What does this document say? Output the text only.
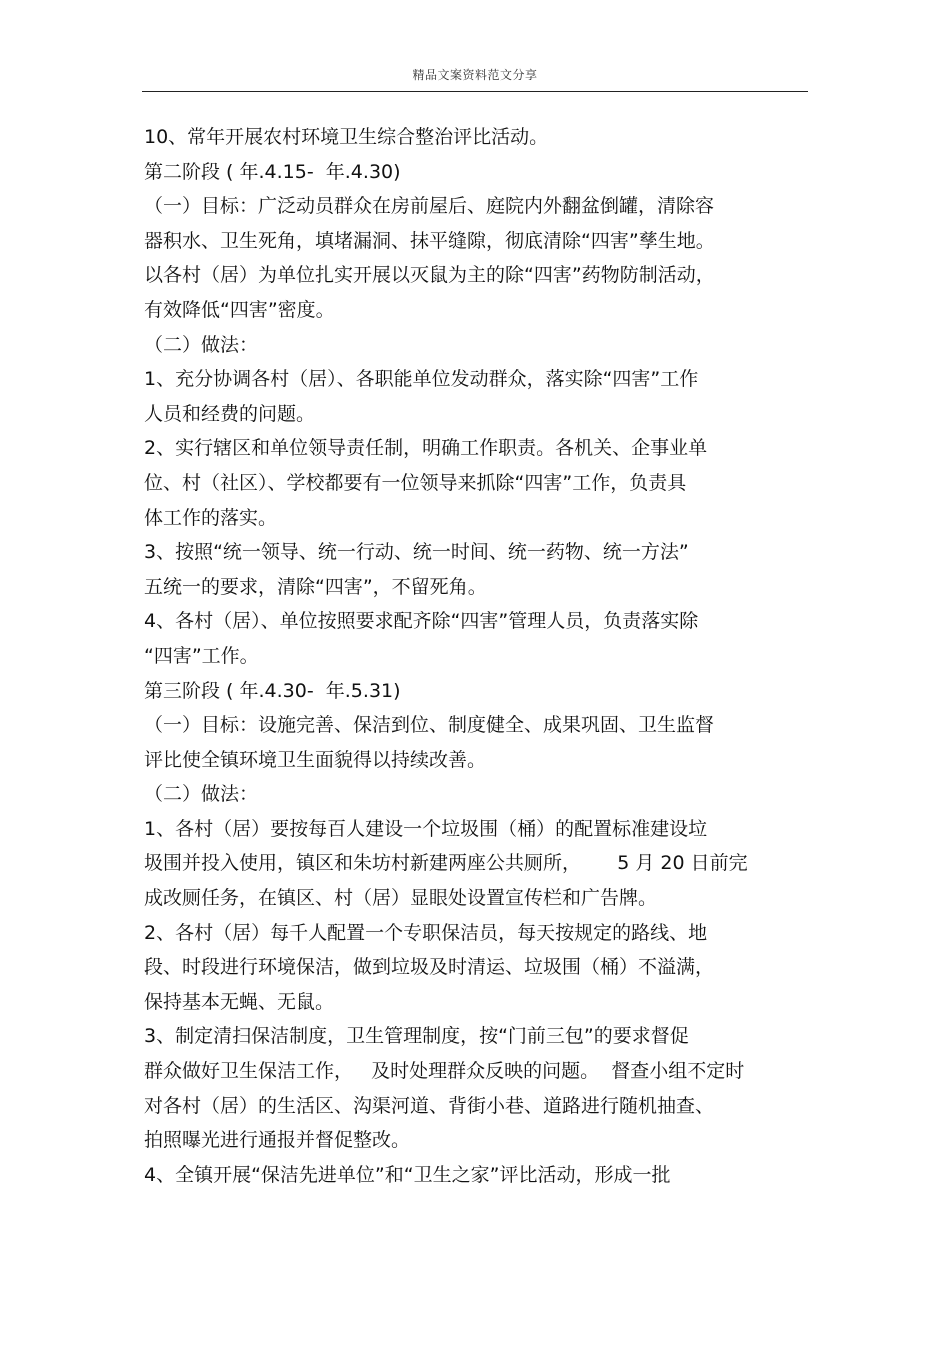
精品文案资料范文分享
10、常年开展农村环境卫生综合整治评比活动。
第二阶段 ( 年.4.15-  年.4.30)
（一）目标：广泛动员群众在房前屋后、庭院内外翻盆倒罐，清除容
器积水、卫生死角，填堵漏洞、抹平缝隙，彻底清除“四害”孳生地。
以各村（居）为单位扎实开展以灭鼠为主的除“四害”药物防制活动，
有效降低“四害”密度。
（二）做法：
1、充分协调各村（居）、各职能单位发动群众，落实除“四害”工作
人员和经费的问题。
2、实行辖区和单位领导责任制，明确工作职责。各机关、企事业单
位、村（社区）、学校都要有一位领导来抓除“四害”工作，负责具
体工作的落实。
3、按照“统一领导、统一行动、统一时间、统一药物、统一方法”
五统一的要求，清除“四害”，不留死角。
4、各村（居）、单位按照要求配齐除“四害”管理人员，负责落实除
“四害”工作。
第三阶段 ( 年.4.30-  年.5.31)
（一）目标：设施完善、保洁到位、制度健全、成果巩固、卫生监督
评比使全镇环境卫生面貌得以持续改善。
（二）做法：
1、各村（居）要按每百人建设一个垃圾围（桶）的配置标准建设垃
圾围并投入使用，镇区和朱坊村新建两座公共厕所，      5 月 20 日前完
成改厕任务，在镇区、村（居）显眼处设置宣传栏和广告牌。
2、各村（居）每千人配置一个专职保洁员，每天按规定的路线、地
段、时段进行环境保洁，做到垃圾及时清运、垃圾围（桶）不溢满，
保持基本无蝇、无鼠。
3、制定清扫保洁制度，卫生管理制度，按“门前三包”的要求督促
群众做好卫生保洁工作，   及时处理群众反映的问题。  督查小组不定时
对各村（居）的生活区、沟渠河道、背街小巷、道路进行随机抽查、
拍照曝光进行通报并督促整改。
4、全镇开展“保洁先进单位”和“卫生之家”评比活动，形成一批
